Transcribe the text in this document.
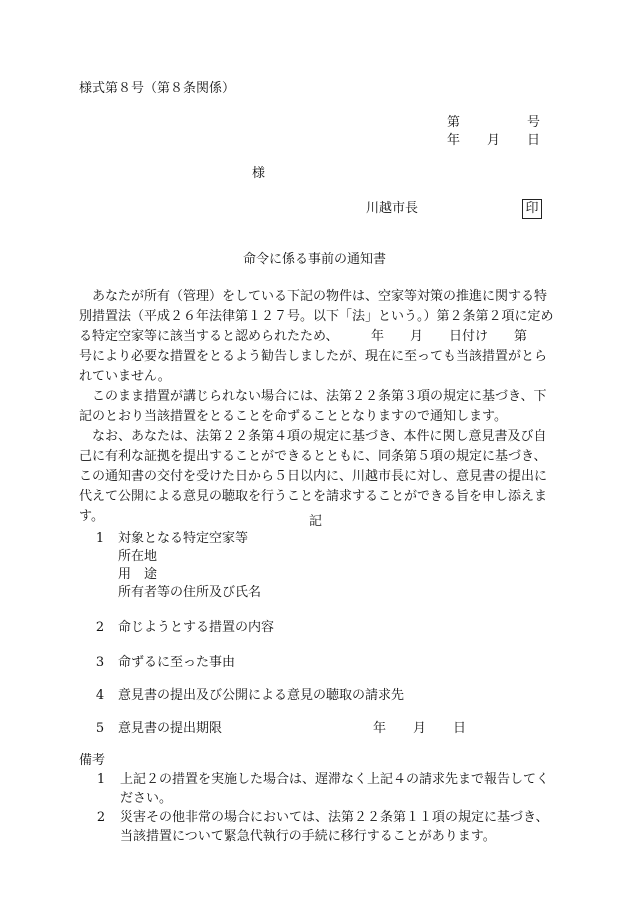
様式第８号（第８条関係）
第	号
年 月 日
様
川越市長	印
命令に係る事前の通知書

あなたが所有（管理）をしている下記の物件は、空家等対策の推進に関する特別措置法（平成２６年法律第１２７号。以下「法」という。）第２条第２項に定める特定空家等に該当すると認められたため、　　　年　　月　　日付け　　第　　号により必要な措置をとるよう勧告しましたが、現在に至っても当該措置がとられていません。

このまま措置が講じられない場合には、法第２２条第３項の規定に基づき、下記のとおり当該措置をとることを命ずることとなりますので通知します。

なお、あなたは、法第２２条第４項の規定に基づき、本件に関し意見書及び自己に有利な証拠を提出することができるとともに、同条第５項の規定に基づき、この通知書の交付を受けた日から５日以内に、川越市長に対し、意見書の提出に代えて公開による意見の聴取を行うことを請求することができる旨を申し添えます。	記
1	対象となる特定空家等
所在地
用　途
所有者等の住所及び氏名
2	命じようとする措置の内容
3	命ずるに至った事由
4	意見書の提出及び公開による意見の聴取の請求先
5	意見書の提出期限	年 月 日
備考
1	上記２の措置を実施した場合は、遅滞なく上記４の請求先まで報告してください。
2	災害その他非常の場合においては、法第２２条第１１項の規定に基づき、当該措置について緊急代執行の手続に移行することがあります。
